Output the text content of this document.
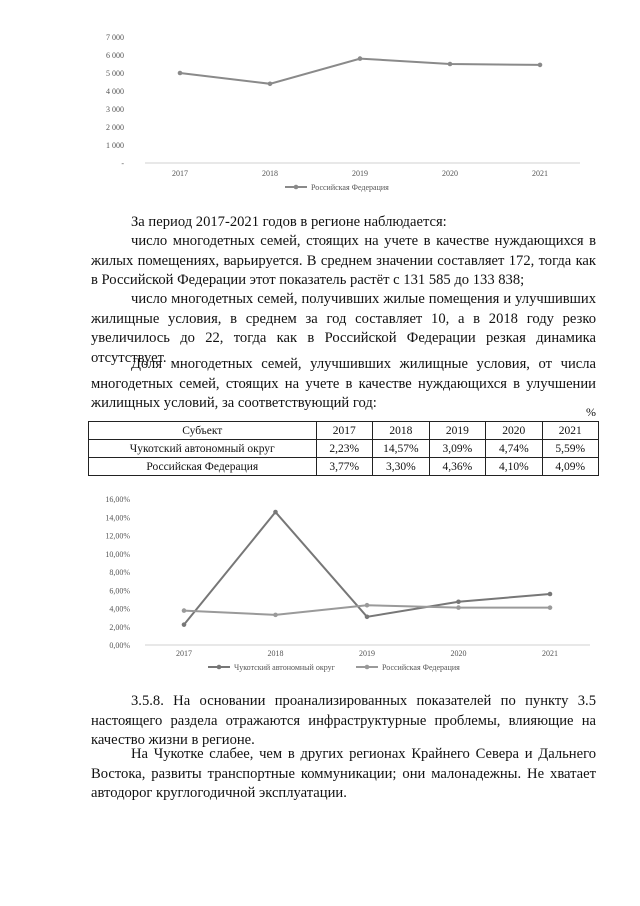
7 000
6 000
5 000
4 000
3 000
2 000
1 000
-
2017	2018	2019	2020	2021
Российская Федерация

За период 2017-2021 годов в регионе наблюдается:

число многодетных семей, стоящих на учете в качестве нуждающихся в жилых помещениях, варьируется. В среднем значении составляет 172, тогда как в Российской Федерации этот показатель растёт с 131 585 до 133 838;

число многодетных семей, получивших жилые помещения и улучшивших жилищные условия, в среднем за год составляет 10, а в 2018 году резко увеличилось до 22, тогда как в Российской Федерации резкая динамика отсутствует.

Доля многодетных семей, улучшивших жилищные условия, от числа многодетных семей, стоящих на учете в качестве нуждающихся в улучшении жилищных условий, за соответствующий год:

%
Субъект	2017	2018	2019	2020	2021
Чукотский автономный округ	2,23%	14,57%	3,09%	4,74%	5,59%
Российская Федерация	3,77%	3,30%	4,36%	4,10%	4,09%
16,00%
14,00%
12,00%
10,00%
8,00%
6,00%
4,00%
2,00%
0,00%
2017	2018	2019	2020	2021
Чукотский автономный округ	Российская Федерация

3.5.8. На основании проанализированных показателей по пункту 3.5 настоящего раздела отражаются инфраструктурные проблемы, влияющие на качество жизни в регионе.

На Чукотке слабее, чем в других регионах Крайнего Севера и Дальнего Востока, развиты транспортные коммуникации; они малонадежны. Не хватает автодорог круглогодичной эксплуатации.
